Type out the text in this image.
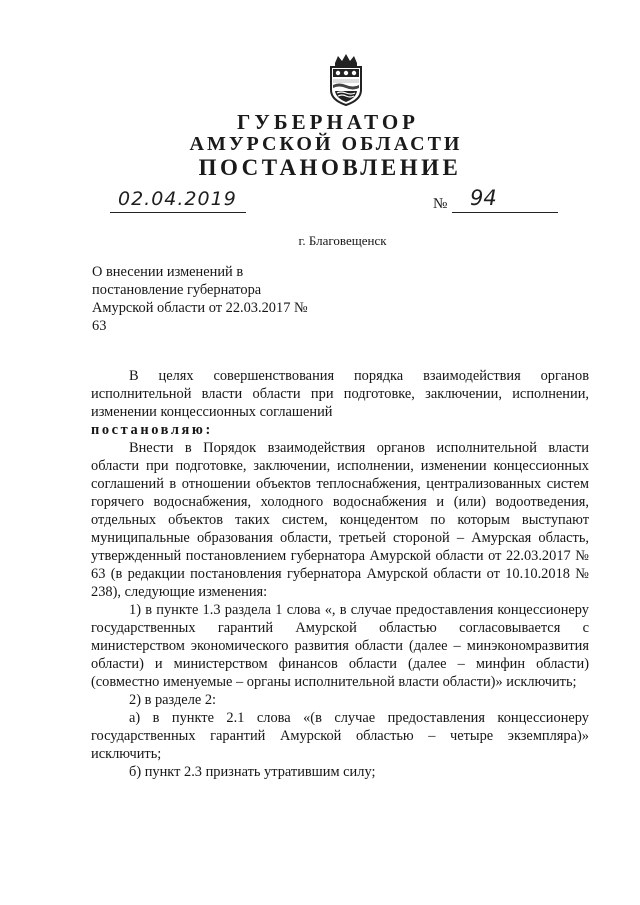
ГУБЕРНАТОР
АМУРСКОЙ ОБЛАСТИ
ПОСТАНОВЛЕНИЕ
02.04.2019	№ 94
г. Благовещенск
О внесении изменений в постановление губернатора Амурской области от 22.03.2017 № 63

В целях совершенствования порядка взаимодействия органов исполнительной власти области при подготовке, заключении, исполнении, изменении концессионных соглашений

постановляю:

Внести в Порядок взаимодействия органов исполнительной власти области при подготовке, заключении, исполнении, изменении концессионных соглашений в отношении объектов теплоснабжения, централизованных систем горячего водоснабжения, холодного водоснабжения и (или) водоотведения, отдельных объектов таких систем, концедентом по которым выступают муниципальные образования области, третьей стороной – Амурская область, утвержденный постановлением губернатора Амурской области от 22.03.2017 № 63 (в редакции постановления губернатора Амурской области от 10.10.2018 № 238), следующие изменения:

1) в пункте 1.3 раздела 1 слова «, в случае предоставления концессионеру государственных гарантий Амурской областью согласовывается с министерством экономического развития области (далее – минэкономразвития области) и министерством финансов области (далее – минфин области) (совместно именуемые – органы исполнительной власти области)» исключить;

2) в разделе 2:

а) в пункте 2.1 слова «(в случае предоставления концессионеру государственных гарантий Амурской областью – четыре экземпляра)» исключить;

б) пункт 2.3 признать утратившим силу;
